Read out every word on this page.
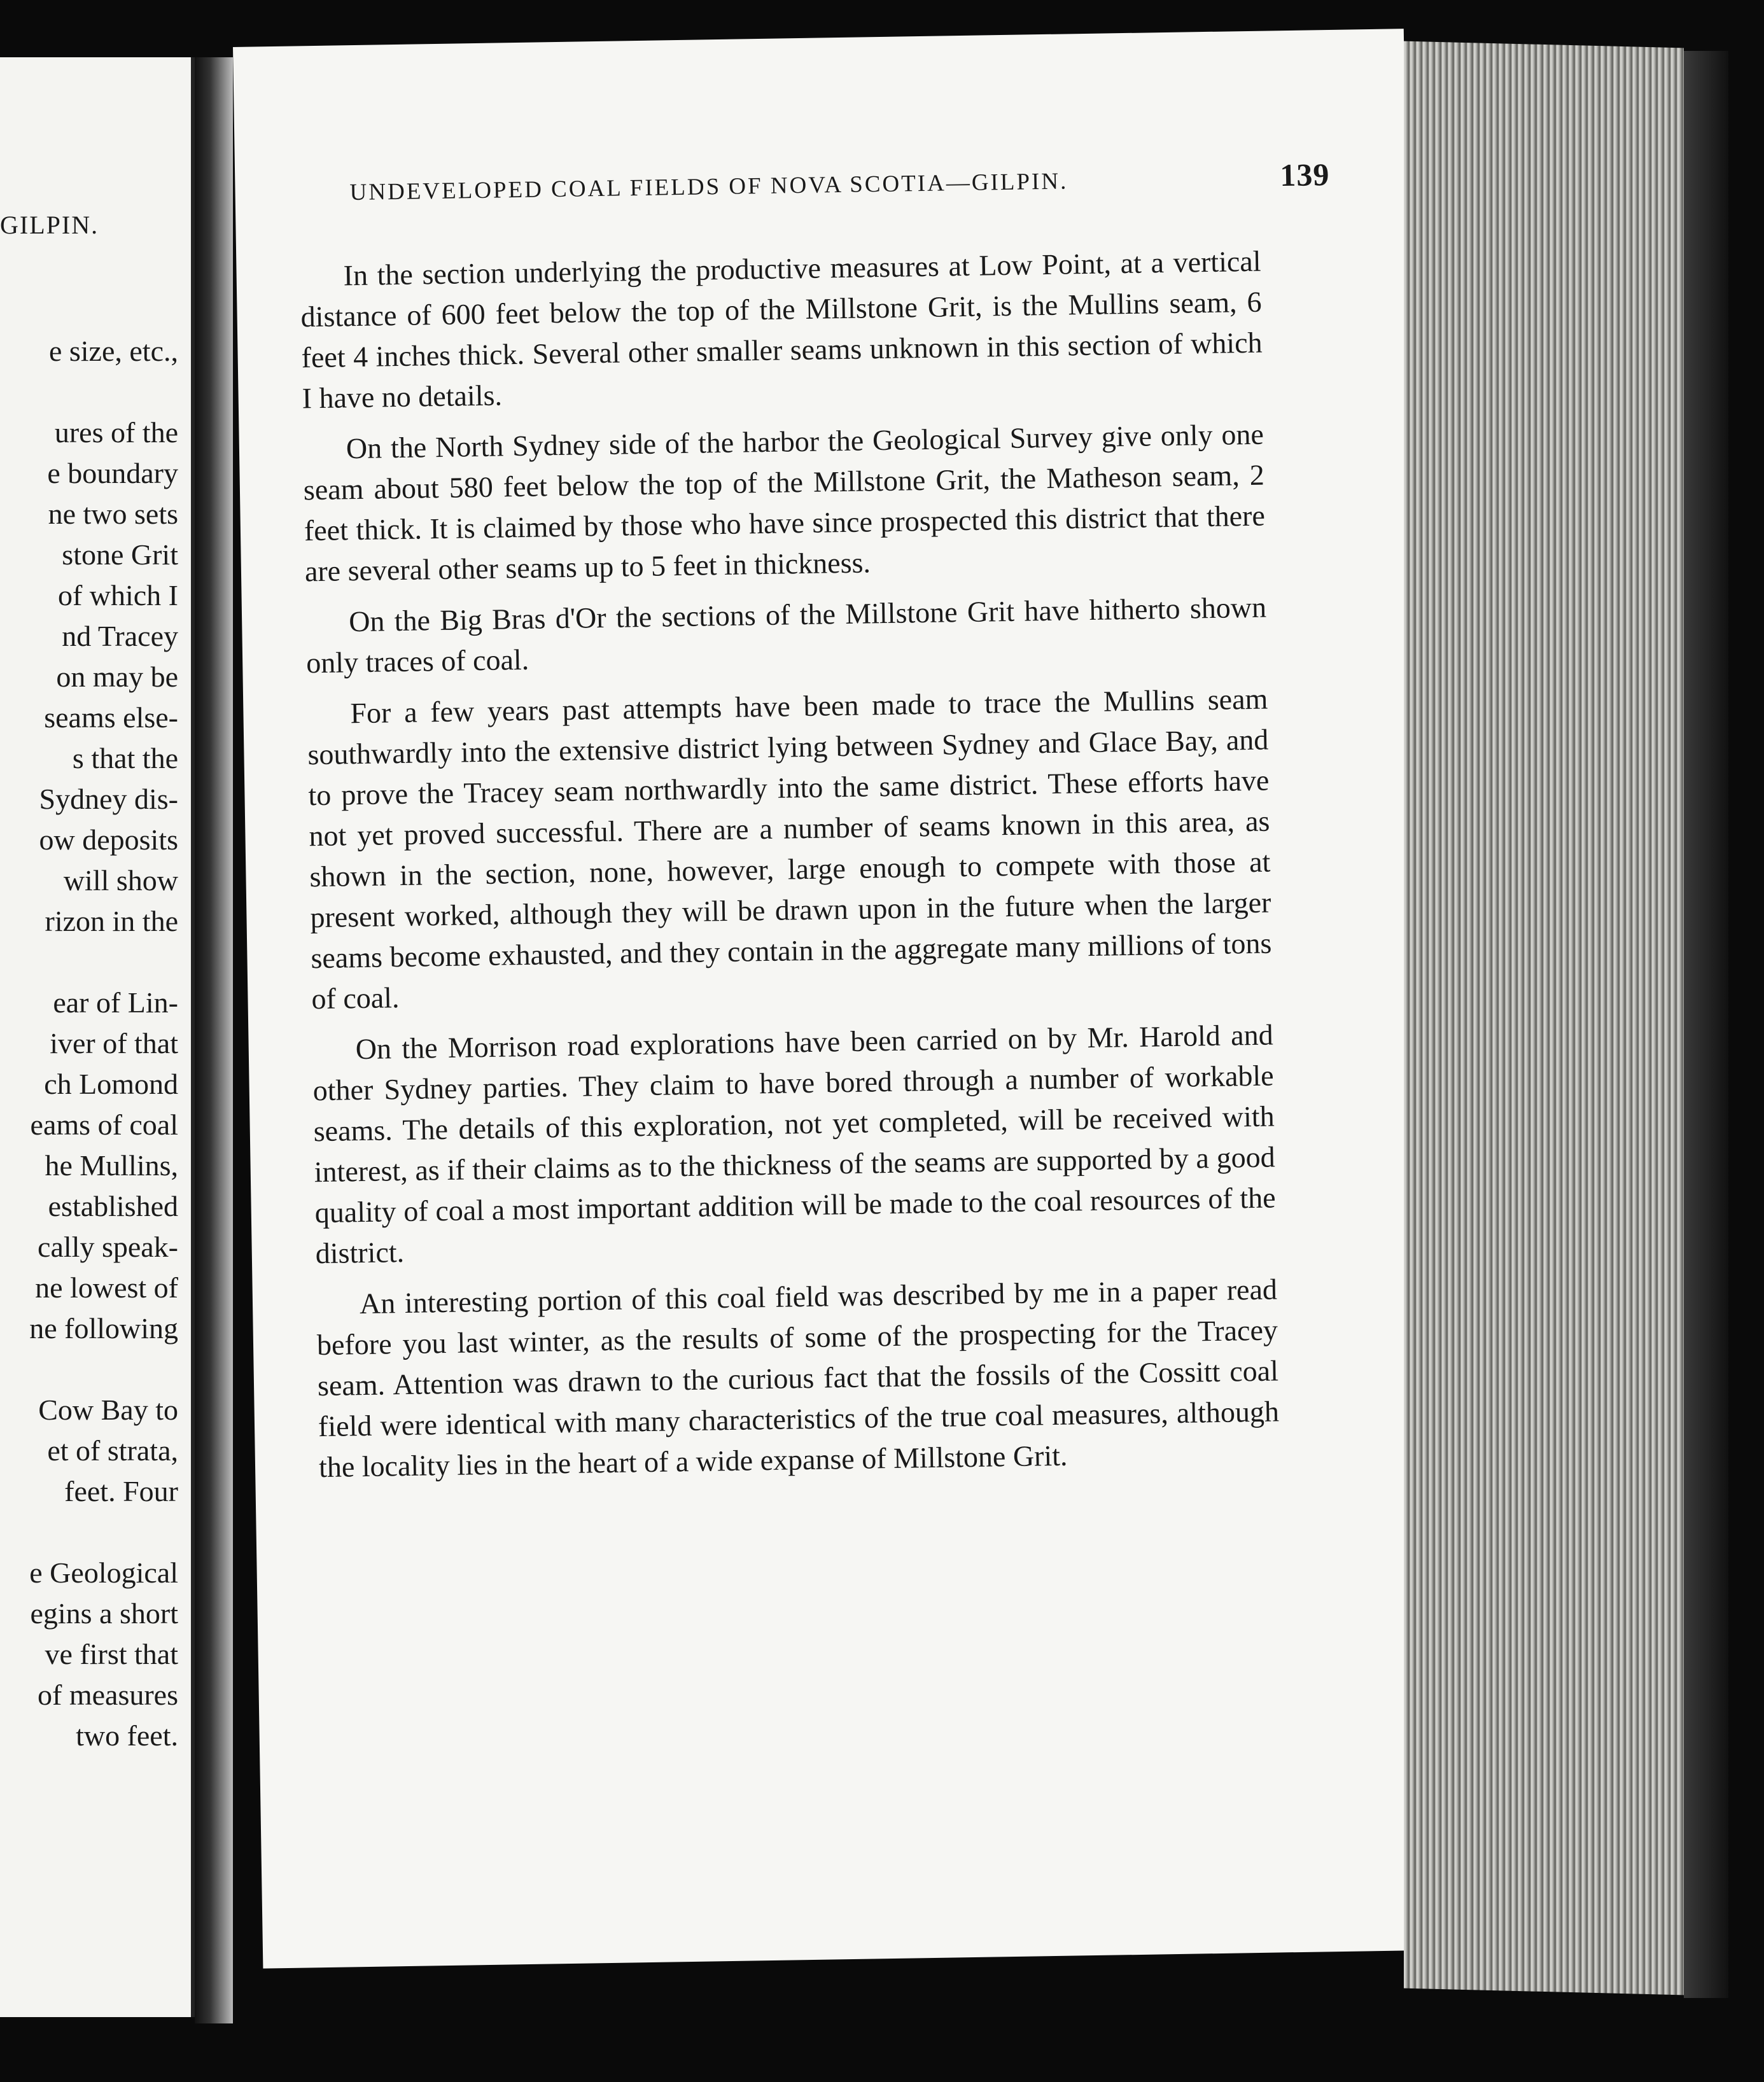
GILPIN.
e size, etc.,
ures of the
e boundary
ne two sets
stone Grit
of which I
nd Tracey
on may be
seams else-
s that the
Sydney dis-
ow deposits
will show
rizon in the
ear of Lin-
iver of that
ch Lomond
eams of coal
he Mullins,
established
cally speak-
ne lowest of
ne following
Cow Bay to
et of strata,
feet. Four
e Geological
egins a short
ve first that
of measures
two feet.
UNDEVELOPED COAL FIELDS OF NOVA SCOTIA—GILPIN.	139

In the section underlying the productive measures at Low Point, at a vertical distance of 600 feet below the top of the Millstone Grit, is the Mullins seam, 6 feet 4 inches thick. Several other smaller seams unknown in this section of which I have no details.

On the North Sydney side of the harbor the Geological Survey give only one seam about 580 feet below the top of the Millstone Grit, the Matheson seam, 2 feet thick. It is claimed by those who have since prospected this district that there are several other seams up to 5 feet in thickness.

On the Big Bras d'Or the sections of the Millstone Grit have hitherto shown only traces of coal.

For a few years past attempts have been made to trace the Mullins seam southwardly into the extensive district lying between Sydney and Glace Bay, and to prove the Tracey seam northwardly into the same district. These efforts have not yet proved successful. There are a number of seams known in this area, as shown in the section, none, however, large enough to compete with those at present worked, although they will be drawn upon in the future when the larger seams become exhausted, and they contain in the aggregate many millions of tons of coal.

On the Morrison road explorations have been carried on by Mr. Harold and other Sydney parties. They claim to have bored through a number of workable seams. The details of this exploration, not yet completed, will be received with interest, as if their claims as to the thickness of the seams are supported by a good quality of coal a most important addition will be made to the coal resources of the district.

An interesting portion of this coal field was described by me in a paper read before you last winter, as the results of some of the prospecting for the Tracey seam. Attention was drawn to the curious fact that the fossils of the Cossitt coal field were identical with many characteristics of the true coal measures, although the locality lies in the heart of a wide expanse of Millstone Grit.
